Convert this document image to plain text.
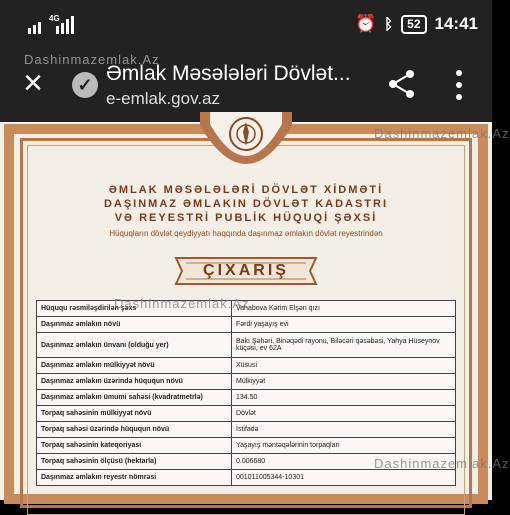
4G	⏰ ᛒ	52 14:41
×	✓ Əmlak Məsələləri Dövlət...
e-emlak.gov.az
Dashinmazemlak.Az
ƏMLAK MƏSƏLƏLƏRİ DÖVLƏT XİDMƏTİ
DAŞINMAZ ƏMLAKIN DÖVLƏT KADASTRI
VƏ REYESTRİ PUBLİK HÜQUQİ ŞƏXSİ
Hüquqların dövlət qeydiyyatı haqqında daşınmaz əmlakın dövlət reyestrindən
ÇIXARIŞ
Hüququ rəsmiləşdirilən şəxs	Vahabova Kərim Elşən qızı
Daşınmaz əmlakın növü	Fərdi yaşayış evi
Daşınmaz əmlakın ünvanı (olduğu yer)	Bakı Şəhəri, Binəqədi rayonu, Biləcəri qəsəbəsi, Yahya Hüseynov küçəsi, ev 62A
Daşınmaz əmlakın mülkiyyət növü	Xüsusi
Daşınmaz əmlakın üzərində hüququn növü	Mülkiyyət
Daşınmaz əmlakın ümumi sahəsi (kvadratmetrlə)	134.50
Torpaq sahəsinin mülkiyyət növü	Dövlət
Torpaq sahəsi üzərində hüququn növü	İstifadə
Torpaq sahəsinin kateqoriyası	Yaşayış məntəqələrinin torpaqları
Torpaq sahəsinin ölçüsü (hektarla)	0.006680
Daşınmaz əmlakın reyestr nömrəsi	001011005344-10301
Dashinmazemlak.Az
Dashinmazemlak.Az
Dashinmazemlak.Az
